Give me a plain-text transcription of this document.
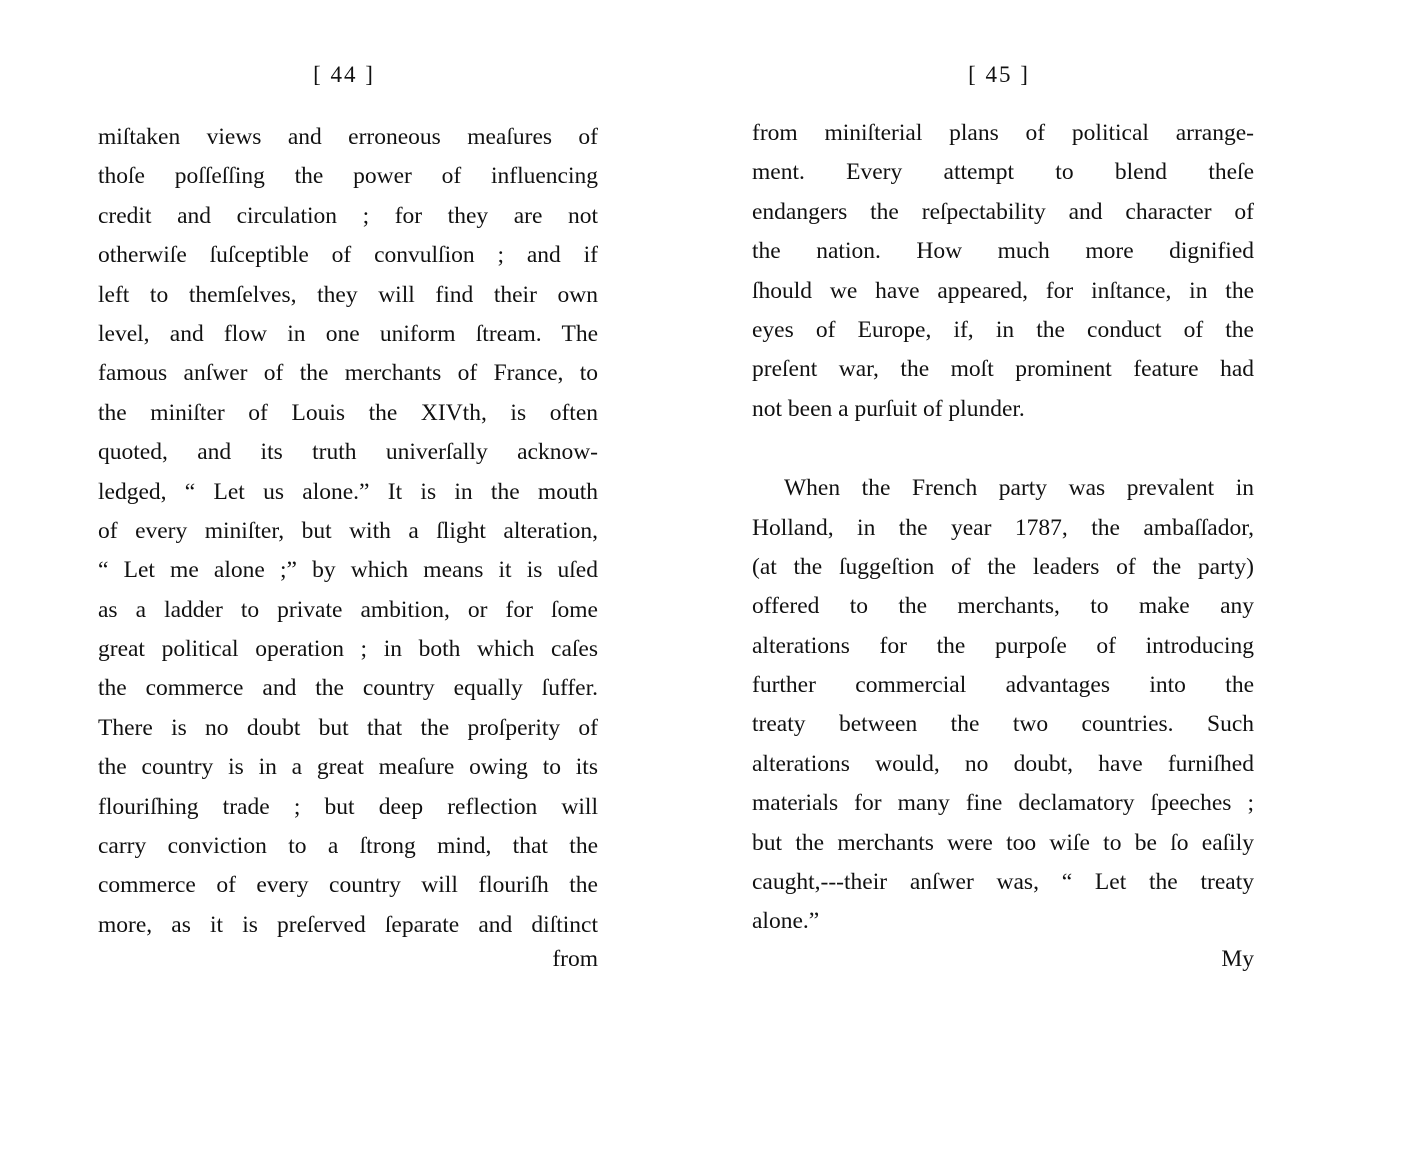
[ 44 ]
miſtaken views and erroneous meaſures of
thoſe poſſeſſing the power of influencing
credit and circulation ; for they are not
otherwiſe ſuſceptible of convulſion ; and if
left to themſelves, they will find their own
level, and flow in one uniform ſtream. The
famous anſwer of the merchants of France, to
the miniſter of Louis the XIVth, is often
quoted, and its truth univerſally acknow-
ledged, “ Let us alone.” It is in the mouth
of every miniſter, but with a ſlight alteration,
“ Let me alone ;” by which means it is uſed
as a ladder to private ambition, or for ſome
great political operation ; in both which caſes
the commerce and the country equally ſuffer.
There is no doubt but that the proſperity of
the country is in a great meaſure owing to its
flouriſhing trade ; but deep reflection will
carry conviction to a ſtrong mind, that the
commerce of every country will flouriſh the
more, as it is preſerved ſeparate and diſtinct
from
[ 45 ]
from miniſterial plans of political arrange-
ment. Every attempt to blend theſe
endangers the reſpectability and character of
the nation. How much more dignified
ſhould we have appeared, for inſtance, in the
eyes of Europe, if, in the conduct of the
preſent war, the moſt prominent feature had
not been a purſuit of plunder.
When the French party was prevalent in
Holland, in the year 1787, the ambaſſador,
(at the ſuggeſtion of the leaders of the party)
offered to the merchants, to make any
alterations for the purpoſe of introducing
further commercial advantages into the
treaty between the two countries. Such
alterations would, no doubt, have furniſhed
materials for many fine declamatory ſpeeches ;
but the merchants were too wiſe to be ſo eaſily
caught,---their anſwer was, “ Let the treaty
alone.”
My
